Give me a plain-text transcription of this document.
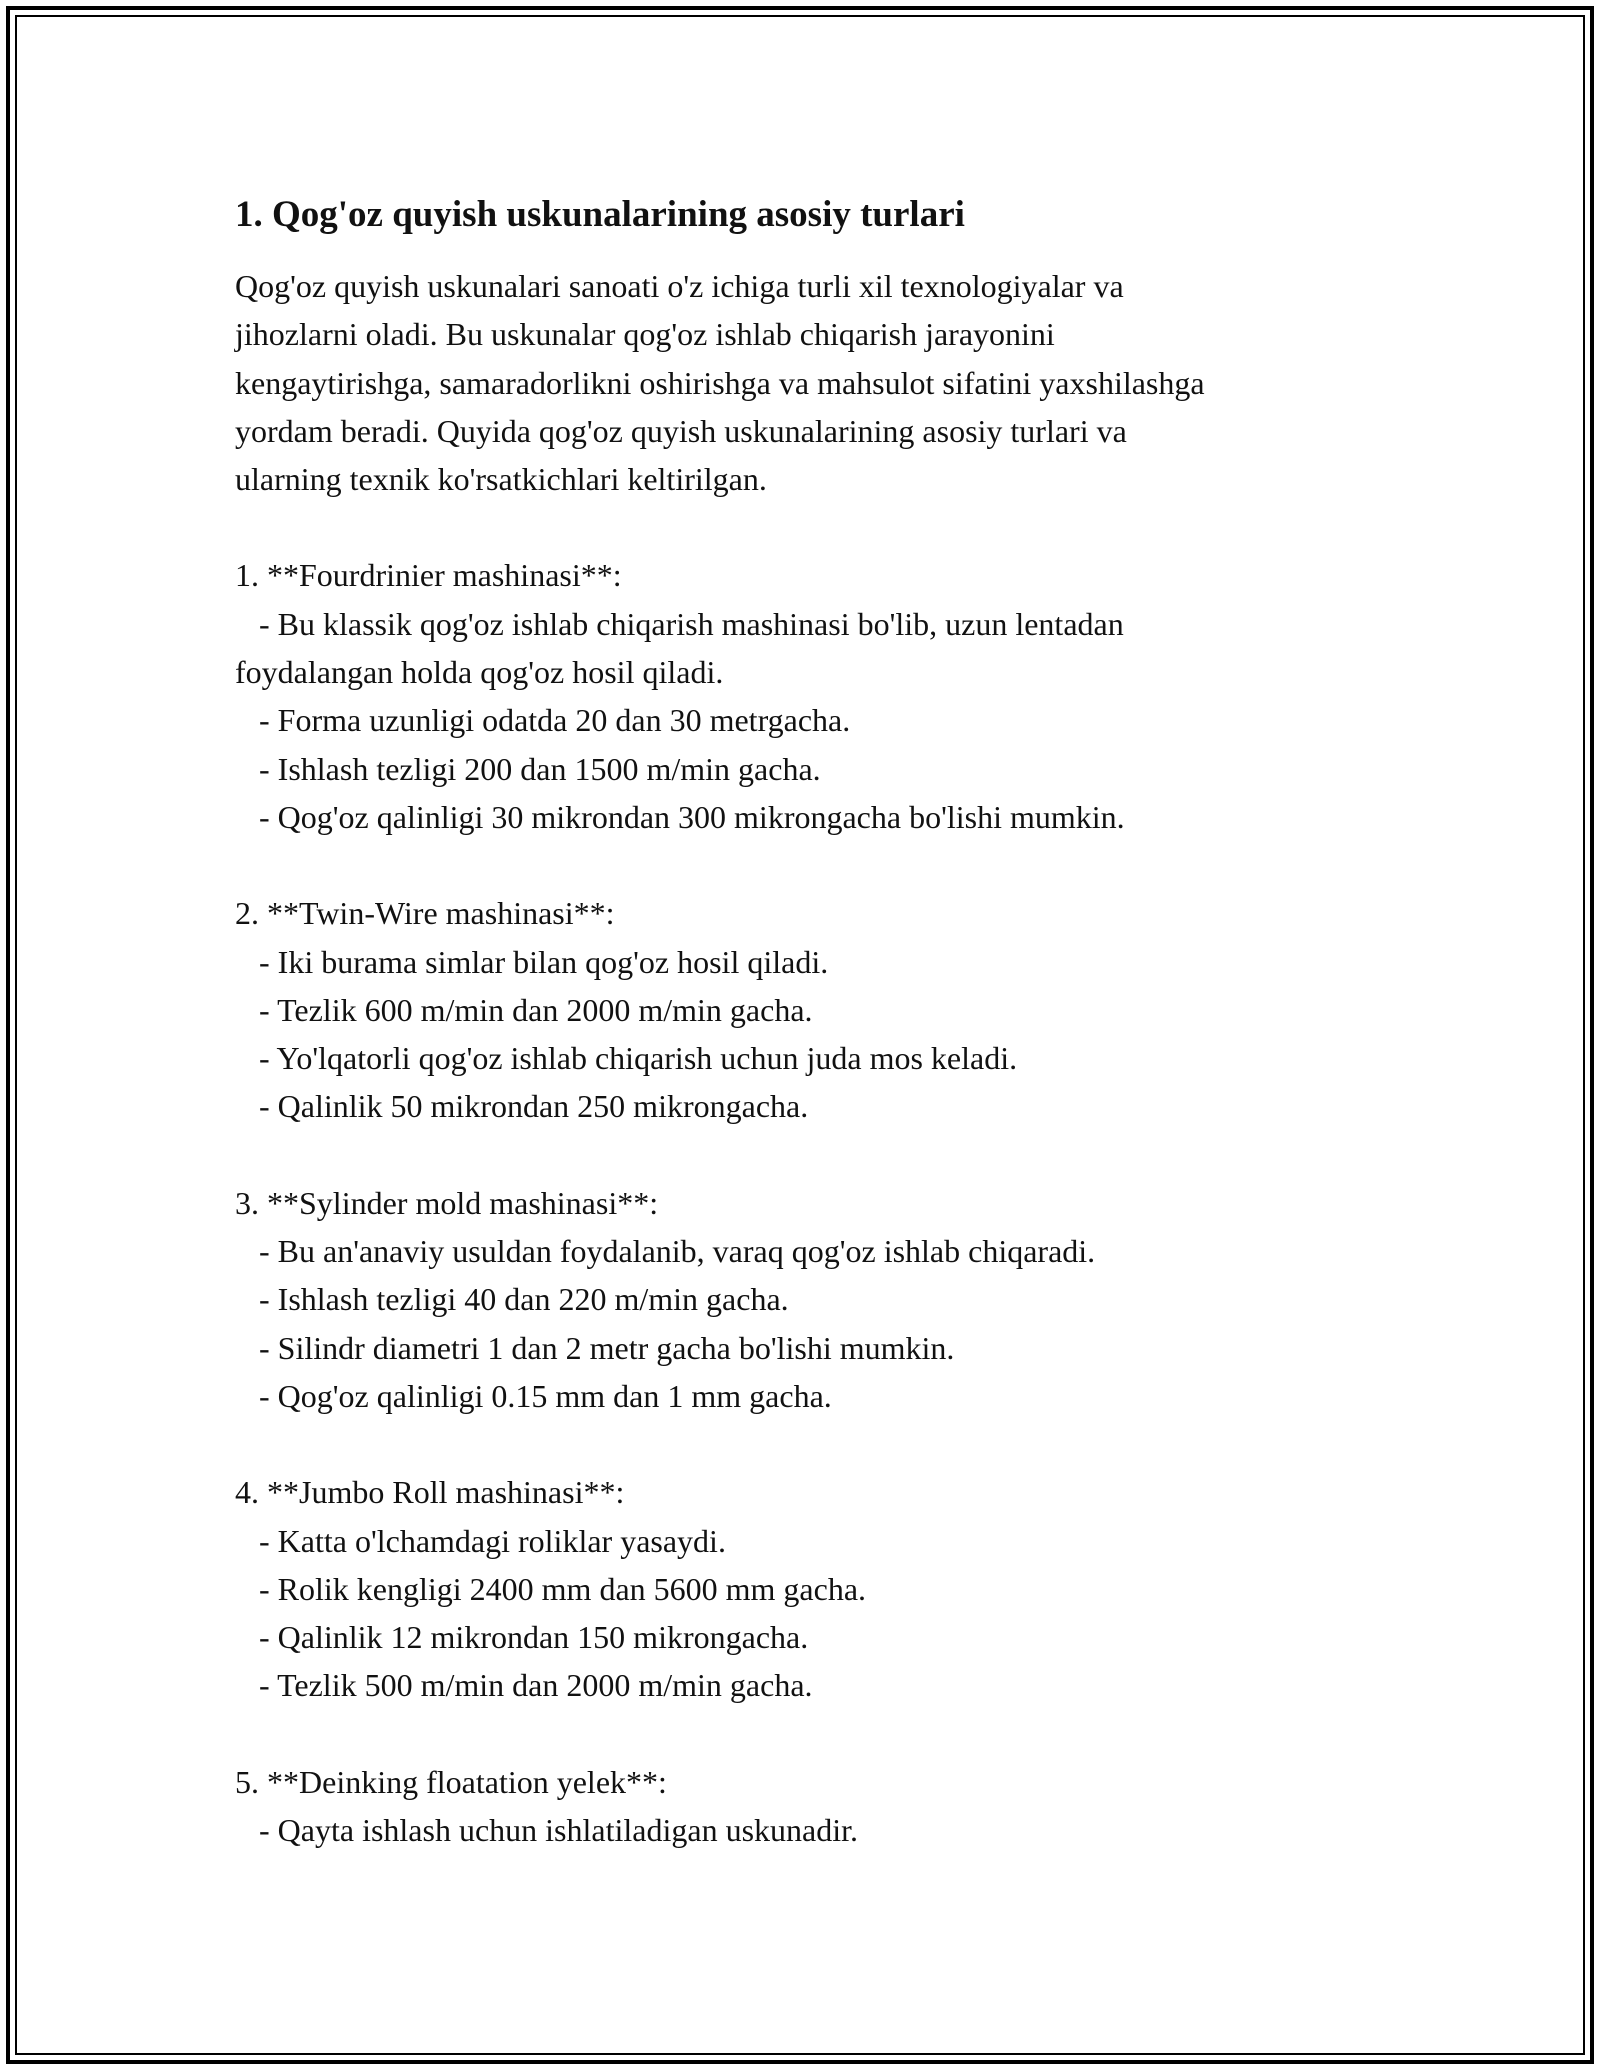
1. Qog'oz quyish uskunalarining asosiy turlari

Qog'oz quyish uskunalari sanoati o'z ichiga turli xil texnologiyalar va
jihozlarni oladi. Bu uskunalar qog'oz ishlab chiqarish jarayonini
kengaytirishga, samaradorlikni oshirishga va mahsulot sifatini yaxshilashga
yordam beradi. Quyida qog'oz quyish uskunalarining asosiy turlari va
ularning texnik ko'rsatkichlari keltirilgan.

1. **Fourdrinier mashinasi**:
- Bu klassik qog'oz ishlab chiqarish mashinasi bo'lib, uzun lentadan
foydalangan holda qog'oz hosil qiladi.
- Forma uzunligi odatda 20 dan 30 metrgacha.
- Ishlash tezligi 200 dan 1500 m/min gacha.
- Qog'oz qalinligi 30 mikrondan 300 mikrongacha bo'lishi mumkin.
2. **Twin-Wire mashinasi**:
- Iki burama simlar bilan qog'oz hosil qiladi.
- Tezlik 600 m/min dan 2000 m/min gacha.
- Yo'lqatorli qog'oz ishlab chiqarish uchun juda mos keladi.
- Qalinlik 50 mikrondan 250 mikrongacha.
3. **Sylinder mold mashinasi**:
- Bu an'anaviy usuldan foydalanib, varaq qog'oz ishlab chiqaradi.
- Ishlash tezligi 40 dan 220 m/min gacha.
- Silindr diametri 1 dan 2 metr gacha bo'lishi mumkin.
- Qog'oz qalinligi 0.15 mm dan 1 mm gacha.
4. **Jumbo Roll mashinasi**:
- Katta o'lchamdagi roliklar yasaydi.
- Rolik kengligi 2400 mm dan 5600 mm gacha.
- Qalinlik 12 mikrondan 150 mikrongacha.
- Tezlik 500 m/min dan 2000 m/min gacha.
5. **Deinking floatation yelek**:
- Qayta ishlash uchun ishlatiladigan uskunadir.
